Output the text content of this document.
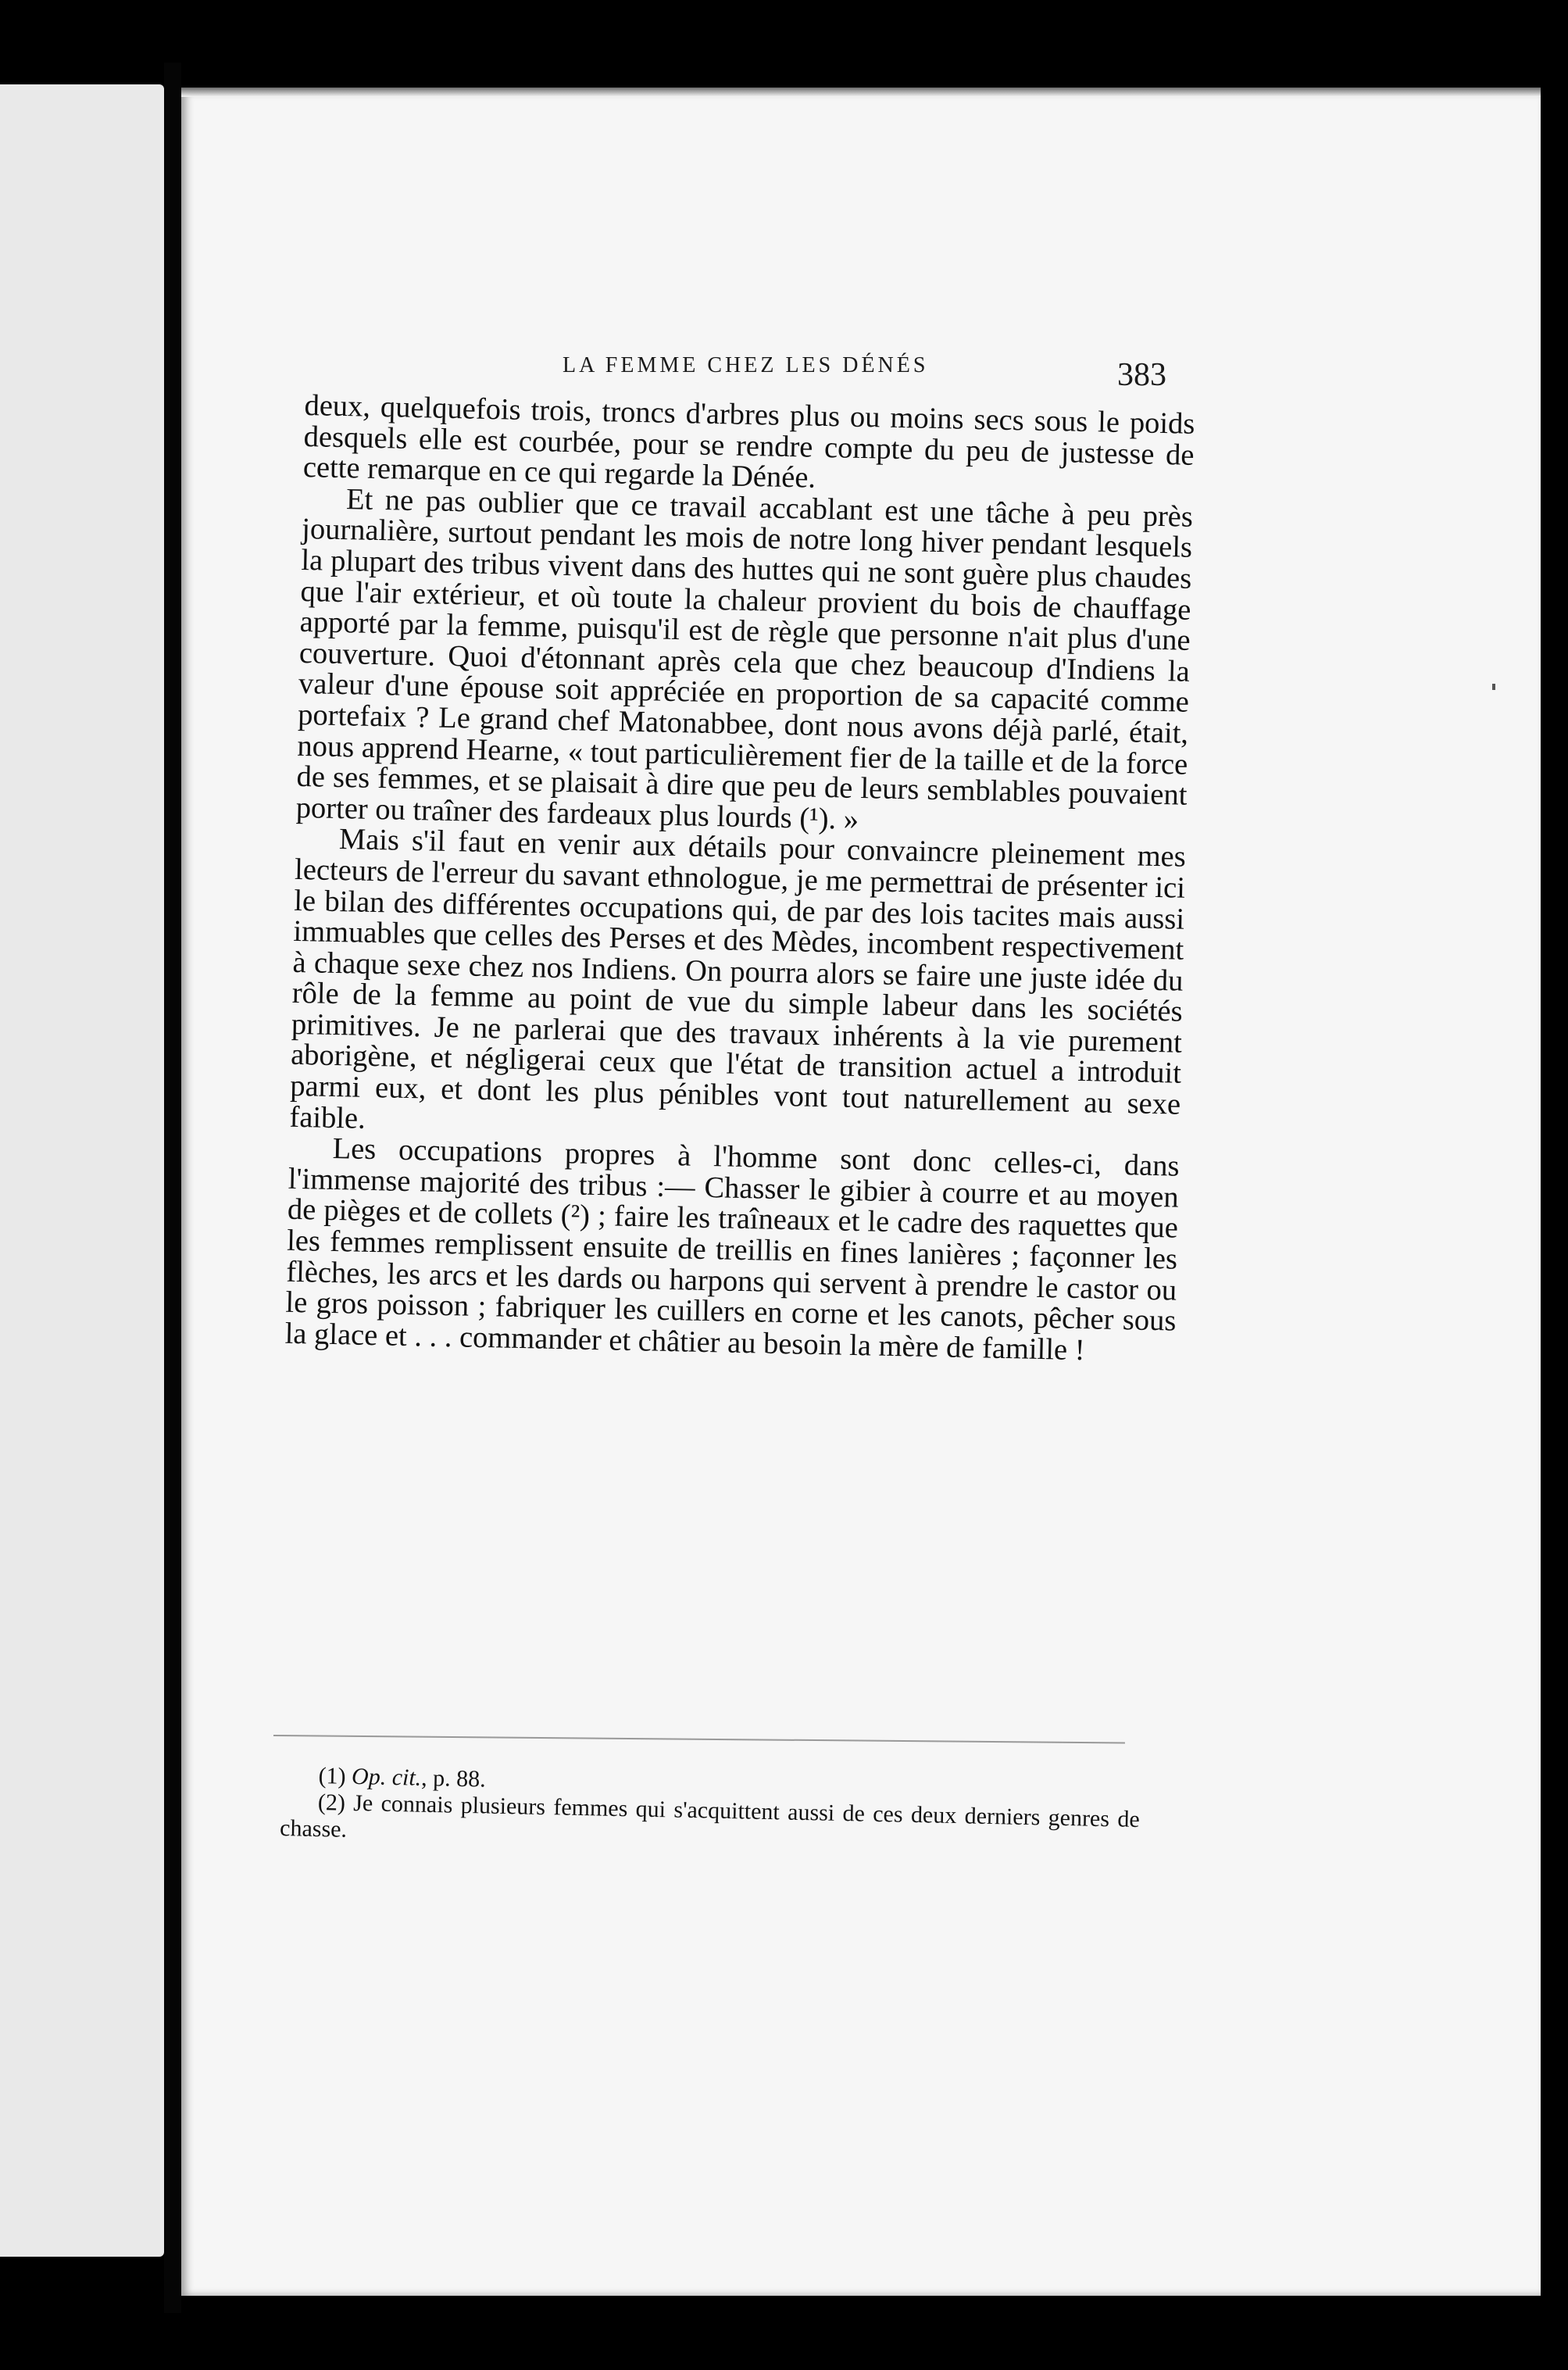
LA FEMME CHEZ LES DÉNÉS	383

deux, quelquefois trois, troncs d'arbres plus ou moins secs sous le poids desquels elle est courbée, pour se rendre compte du peu de justesse de cette remarque en ce qui regarde la Dénée.

Et ne pas oublier que ce travail accablant est une tâche à peu près journalière, surtout pendant les mois de notre long hiver pendant lesquels la plupart des tribus vivent dans des huttes qui ne sont guère plus chaudes que l'air extérieur, et où toute la chaleur provient du bois de chauffage apporté par la femme, puisqu'il est de règle que personne n'ait plus d'une couverture. Quoi d'étonnant après cela que chez beaucoup d'Indiens la valeur d'une épouse soit appréciée en proportion de sa capacité comme portefaix ? Le grand chef Matonabbee, dont nous avons déjà parlé, était, nous apprend Hearne, « tout particulièrement fier de la taille et de la force de ses femmes, et se plaisait à dire que peu de leurs semblables pouvaient porter ou traîner des fardeaux plus lourds (¹). »

Mais s'il faut en venir aux détails pour convaincre pleinement mes lecteurs de l'erreur du savant ethnologue, je me permettrai de présenter ici le bilan des différentes occupations qui, de par des lois tacites mais aussi immuables que celles des Perses et des Mèdes, incombent respectivement à chaque sexe chez nos Indiens. On pourra alors se faire une juste idée du rôle de la femme au point de vue du simple labeur dans les sociétés primitives. Je ne parlerai que des travaux inhérents à la vie purement aborigène, et négligerai ceux que l'état de transition actuel a introduit parmi eux, et dont les plus pénibles vont tout naturellement au sexe faible.

Les occupations propres à l'homme sont donc celles-ci, dans l'immense majorité des tribus :— Chasser le gibier à courre et au moyen de pièges et de collets (²) ; faire les traîneaux et le cadre des raquettes que les femmes remplissent ensuite de treillis en fines lanières ; façonner les flèches, les arcs et les dards ou harpons qui servent à prendre le castor ou le gros poisson ; fabriquer les cuillers en corne et les canots, pêcher sous la glace et . . . commander et châtier au besoin la mère de famille !

(1) Op. cit., p. 88.

(2) Je connais plusieurs femmes qui s'acquittent aussi de ces deux derniers genres de chasse.
